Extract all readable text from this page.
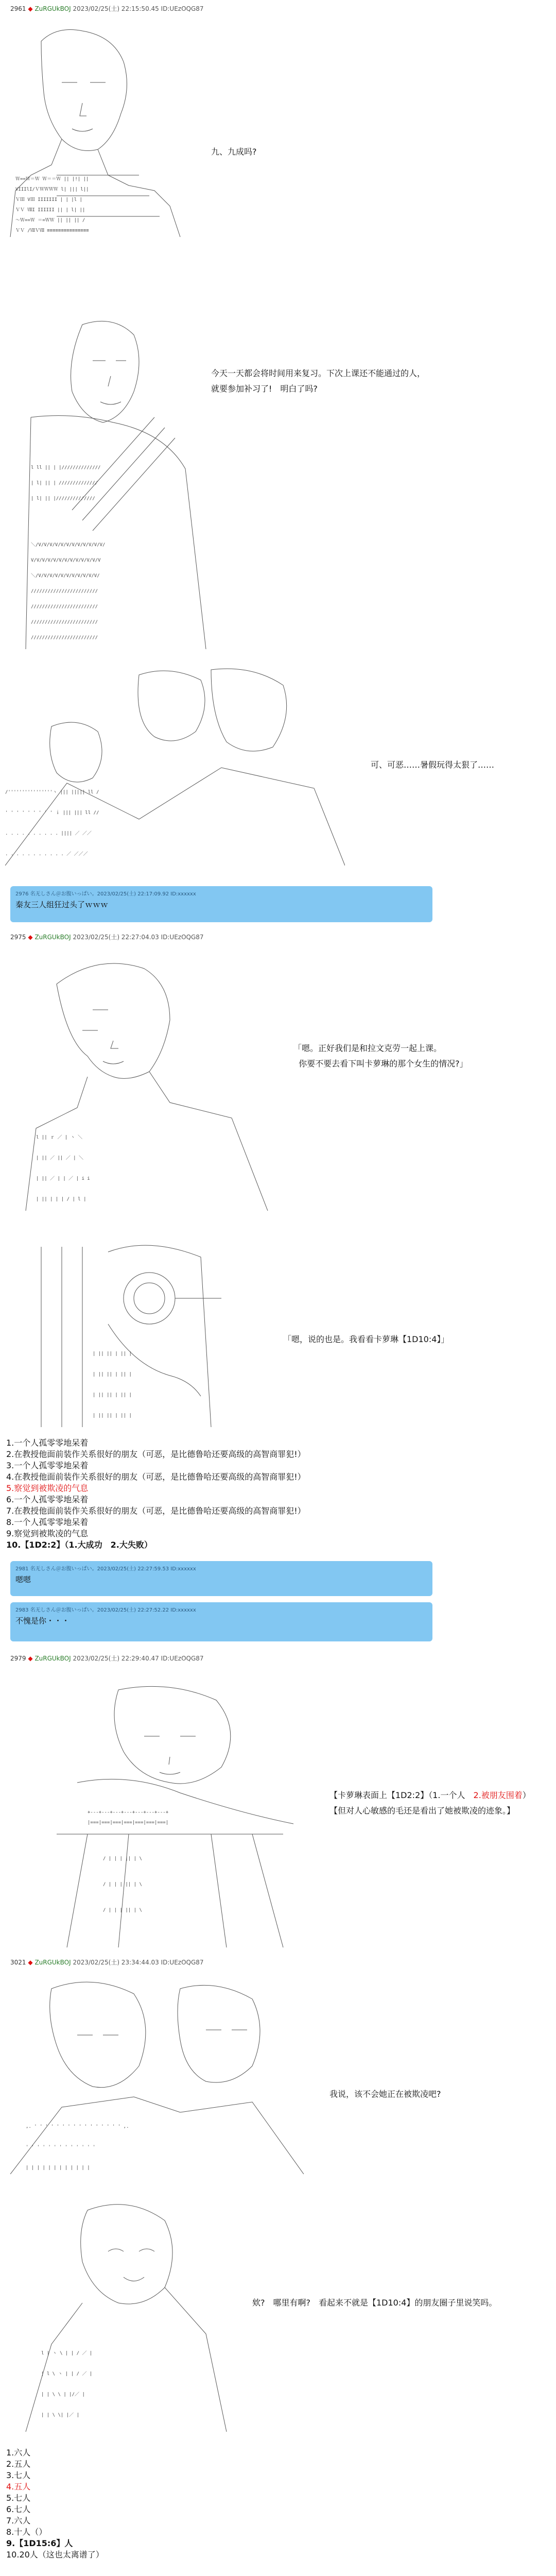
2961 ◆ ZuRGUkBOJ 2023/02/25(土) 22:15:50.45 ID:UEzOQG87
Ｗ==Ｗ＝Ｗ Ｗ＝＝Ｗ || |!| ||
VIIIlI/ＶＷＷＷＷ l| ||| l||
ＶⅢ VⅢ IIIIIII | | |l |
ＶＶ ⅧI IIIIII || | l| ||
～Ｗ==Ｗ ＝=ＷＷ || || || /
ＶＶ /ⅧＶⅧ ≡≡≡≡≡≡≡≡≡≡≡≡≡≡≡
九、九成吗?
l ll || | |//////////////
| l| || | //////////////
| l| || |//////////////
＼/V/V/V/V/V/V/V/V/V/V/V/V/
V/V/V/V/V/V/V/V/V/V/V/V/V
＼/V/V/V/V/V/V/V/V/V/V/V/
////////////////////////
////////////////////////
////////////////////////
////////////////////////
今天一天都会将时间用来复习。下次上课还不能通过的人，
就要参加补习了!　明白了吗?
/''''''''''''''''ヽ ||| ||||| ll /
' ' ' ' ' ' ' ' ' ｉ ||| ||| ll //
. . . . . . . . . . |||| ／ ／／
. . . . . . . . . . . ／ ／／／
可、可恶……暑假玩得太狠了……
2976 名无しさん＠お腹いっぱい。2023/02/25(土) 22:17:09.92 ID:xxxxxx
秦友三人组狂过头了ｗｗｗ
2975 ◆ ZuRGUkBOJ 2023/02/25(土) 22:27:04.03 ID:UEzOQG87
l || ｒ ／ | ヽ ＼
| || ／ || ／ | ＼
| || ／ | | ／ | i i
| || | | | / | l |
「嗯。正好我们是和拉文克劳一起上课。
你要不要去看下叫卡萝琳的那个女生的情况?」
| || || | || |
| || || | || |
| || || | || |
| || || | || |
「嗯，说的也是。我看看卡萝琳【1D10:4】」
1.一个人孤零零地呆着
2.在教授他面前装作关系很好的朋友（可恶，是比德鲁哈还要高级的高智商罪犯!）
3.一个人孤零零地呆着
4.在教授他面前装作关系很好的朋友（可恶，是比德鲁哈还要高级的高智商罪犯!）
5.察觉到被欺凌的气息
6.一个人孤零零地呆着
7.在教授他面前装作关系很好的朋友（可恶，是比德鲁哈还要高级的高智商罪犯!）
8.一个人孤零零地呆着
9.察觉到被欺凌的气息
10.【1D2:2】（1.大成功　2.大失败）
2981 名无しさん＠お腹いっぱい。2023/02/25(土) 22:27:59.53 ID:xxxxxx
嗯嗯
2983 名无しさん＠お腹いっぱい。2023/02/25(土) 22:27:52.22 ID:xxxxxx
不愧是你・・・
2979 ◆ ZuRGUkBOJ 2023/02/25(土) 22:29:40.47 ID:UEzOQG87
+---+---+---+---+---+---+---+
|===|===|===|===|===|===|===|
/ | | | || | \
/ | | | || | \
/ | | | || | \
【卡萝琳表面上【1D2:2】（1.一个人　2.被朋友围着）
【但对人心敏感的毛还是看出了她被欺凌的迹象。】
3021 ◆ ZuRGUkBOJ 2023/02/25(土) 23:34:44.03 ID:UEzOQG87
,. ' ' ' ' ' ' ' ' ' ' ' ' ' ' ' ' ,.
' ' ' ' ' ' ' ' ' ' ' ' '
| | | | | | | | | | | |
我说，该不会她正在被欺凌吧?
l | ヽ \ | | / ／ |
| l \ ヽ | | / ／ |
| | \ \ | |/／ |
| | \ \| |／ |
欸?　哪里有啊?　看起来不就是【1D10:4】的朋友圈子里说笑吗。
1.六人
2.五人
3.七人
4.五人
5.七人
6.七人
7.六人
8.十人（）
9.【1D15:6】人
10.20人（这也太离谱了）
